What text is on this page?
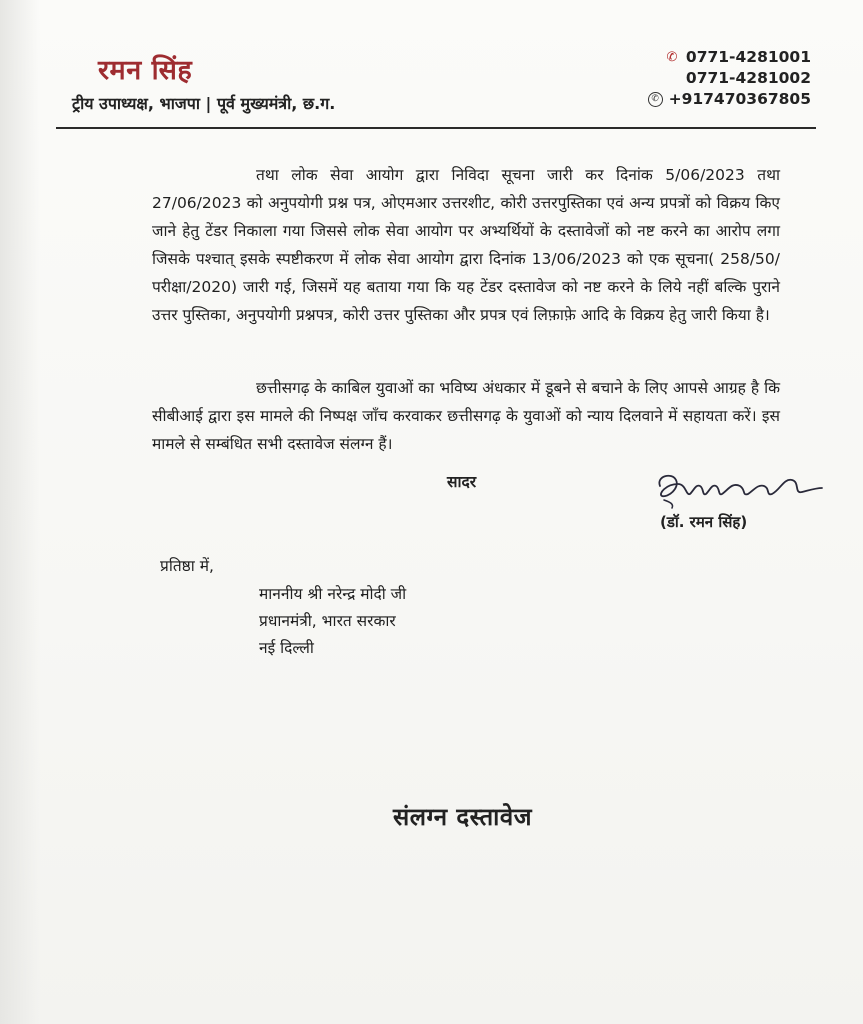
रमन सिंह
ट्रीय उपाध्यक्ष, भाजपा | पूर्व मुख्यमंत्री, छ.ग.
✆ 0771-4281001
0771-4281002
✆ +917470367805

तथा लोक सेवा आयोग द्वारा निविदा सूचना जारी कर दिनांक 5/06/2023 तथा 27/06/2023 को अनुपयोगी प्रश्न पत्र, ओएमआर उत्तरशीट, कोरी उत्तरपुस्तिका एवं अन्य प्रपत्रों को विक्रय किए जाने हेतु टेंडर निकाला गया जिससे लोक सेवा आयोग पर अभ्यर्थियों के दस्तावेजों को नष्ट करने का आरोप लगा जिसके पश्चात् इसके स्पष्टीकरण में लोक सेवा आयोग द्वारा दिनांक 13/06/2023 को एक सूचना( 258/50/परीक्षा/2020) जारी गई, जिसमें यह बताया गया कि यह टेंडर दस्तावेज को नष्ट करने के लिये नहीं बल्कि पुराने उत्तर पुस्तिका, अनुपयोगी प्रश्नपत्र, कोरी उत्तर पुस्तिका और प्रपत्र एवं लिफ़ाफ़े आदि के विक्रय हेतु जारी किया है।

छत्तीसगढ़ के काबिल युवाओं का भविष्य अंधकार में डूबने से बचाने के लिए आपसे आग्रह है कि सीबीआई द्वारा इस मामले की निष्पक्ष जाँच करवाकर छत्तीसगढ़ के युवाओं को न्याय दिलवाने में सहायता करें। इस मामले से सम्बंधित सभी दस्तावेज संलग्न हैं।

सादर
(डॉ. रमन सिंह)
प्रतिष्ठा में,
माननीय श्री नरेन्द्र मोदी जी
प्रधानमंत्री, भारत सरकार
नई दिल्ली
संलग्न दस्तावेज
